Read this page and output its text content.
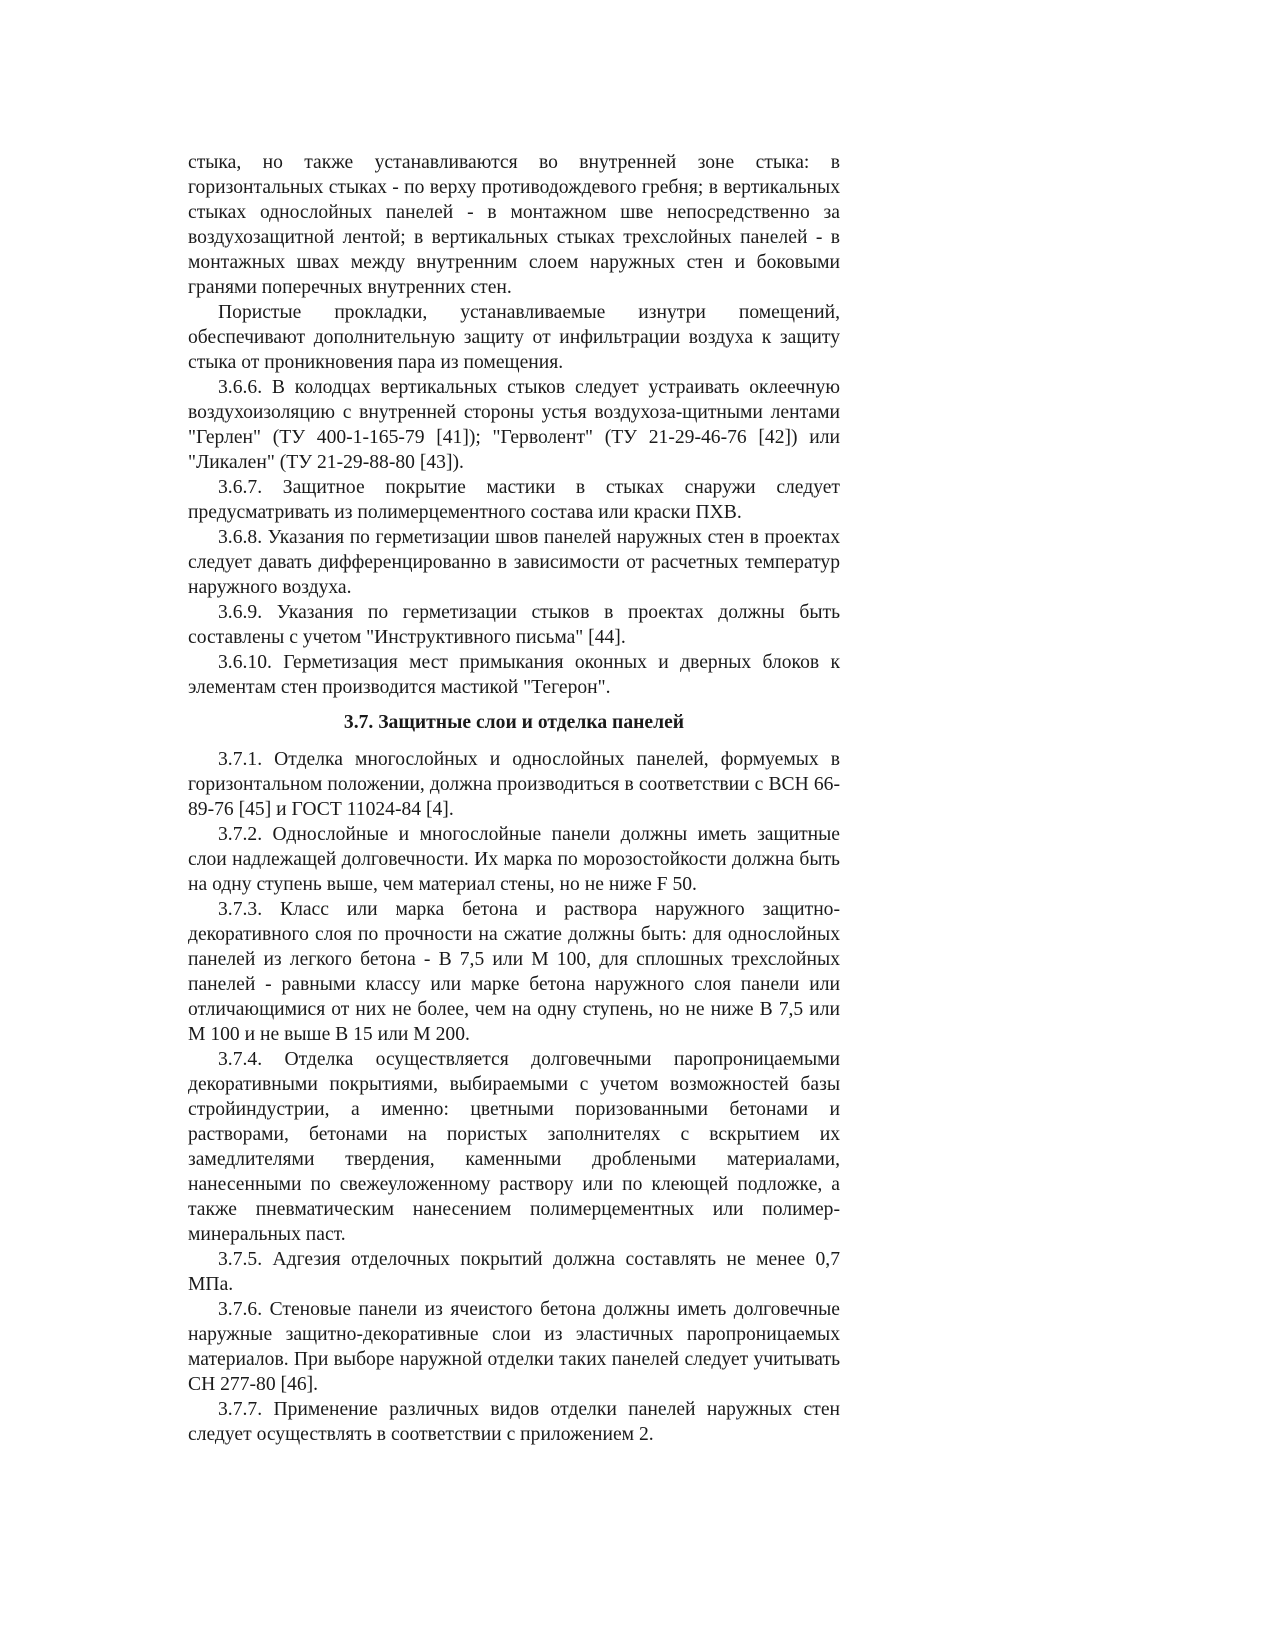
стыка, но также устанавливаются во внутренней зоне стыка: в горизонтальных стыках - по верху противодождевого гребня; в вертикальных стыках однослойных панелей - в монтажном шве непосредственно за воздухозащитной лентой; в вертикальных стыках трехслойных панелей - в монтажных швах между внутренним слоем наружных стен и боковыми гранями поперечных внутренних стен.

Пористые прокладки, устанавливаемые изнутри помещений, обеспечивают дополнительную защиту от инфильтрации воздуха к защиту стыка от проникновения пара из помещения.

3.6.6. В колодцах вертикальных стыков следует устраивать оклеечную воздухоизоляцию с внутренней стороны устья воздухоза-щитными лентами "Герлен" (ТУ 400-1-165-79 [41]); "Герволент" (ТУ 21-29-46-76 [42]) или "Ликален" (ТУ 21-29-88-80 [43]).

3.6.7. Защитное покрытие мастики в стыках снаружи следует предусматривать из полимерцементного состава или краски ПХВ.

3.6.8. Указания по герметизации швов панелей наружных стен в проектах следует давать дифференцированно в зависимости от расчетных температур наружного воздуха.

3.6.9. Указания по герметизации стыков в проектах должны быть составлены с учетом "Инструктивного письма" [44].

3.6.10. Герметизация мест примыкания оконных и дверных блоков к элементам стен производится мастикой "Тегерон".

3.7. Защитные слои и отделка панелей

3.7.1. Отделка многослойных и однослойных панелей, формуемых в горизонтальном положении, должна производиться в соответствии с ВСН 66-89-76 [45] и ГОСТ 11024-84 [4].

3.7.2. Однослойные и многослойные панели должны иметь защитные слои надлежащей долговечности. Их марка по морозостойкости должна быть на одну ступень выше, чем материал стены, но не ниже F 50.

3.7.3. Класс или марка бетона и раствора наружного защитно-декоративного слоя по прочности на сжатие должны быть: для однослойных панелей из легкого бетона - В 7,5 или М 100, для сплошных трехслойных панелей - равными классу или марке бетона наружного слоя панели или отличающимися от них не более, чем на одну ступень, но не ниже В 7,5 или М 100 и не выше В 15 или М 200.

3.7.4. Отделка осуществляется долговечными паропроницаемыми декоративными покрытиями, выбираемыми с учетом возможностей базы стройиндустрии, а именно: цветными поризованными бетонами и растворами, бетонами на пористых заполнителях с вскрытием их замедлителями твердения, каменными дроблеными материалами, нанесенными по свежеуложенному раствору или по клеющей подложке, а также пневматическим нанесением полимерцементных или полимер-минеральных паст.

3.7.5. Адгезия отделочных покрытий должна составлять не менее 0,7 МПа.

3.7.6. Стеновые панели из ячеистого бетона должны иметь долговечные наружные защитно-декоративные слои из эластичных паропроницаемых материалов. При выборе наружной отделки таких панелей следует учитывать СН 277-80 [46].

3.7.7. Применение различных видов отделки панелей наружных стен следует осуществлять в соответствии с приложением 2.
